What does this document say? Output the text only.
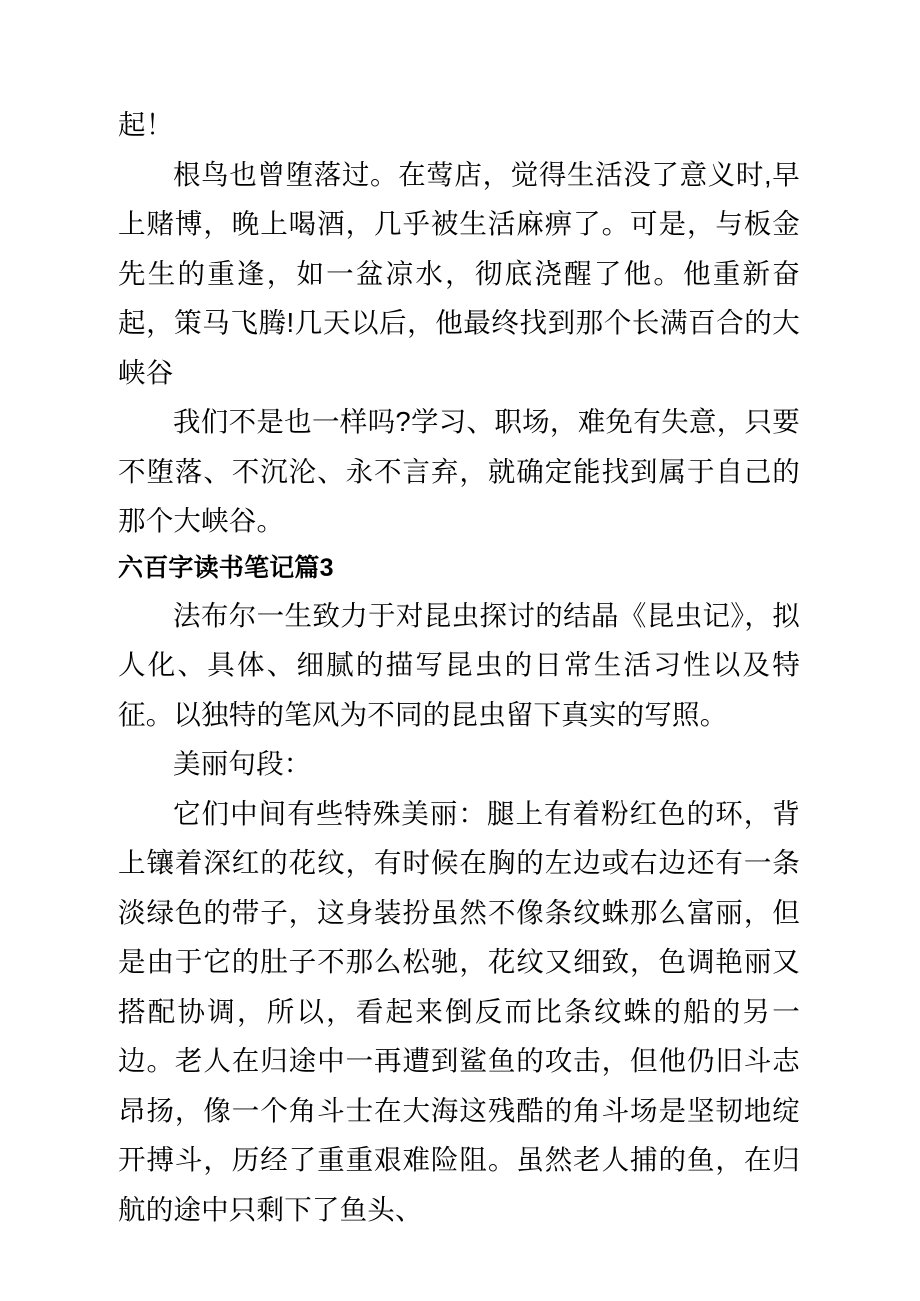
起！

根鸟也曾堕落过。在莺店，觉得生活没了意义时,早上赌博，晚上喝酒，几乎被生活麻痹了。可是，与板金先生的重逢，如一盆凉水，彻底浇醒了他。他重新奋起，策马飞腾!几天以后，他最终找到那个长满百合的大峡谷

我们不是也一样吗?学习、职场，难免有失意，只要不堕落、不沉沦、永不言弃，就确定能找到属于自己的那个大峡谷。

六百字读书笔记篇3

法布尔一生致力于对昆虫探讨的结晶《昆虫记》，拟人化、具体、细腻的描写昆虫的日常生活习性以及特征。以独特的笔风为不同的昆虫留下真实的写照。

美丽句段：

它们中间有些特殊美丽：腿上有着粉红色的环，背上镶着深红的花纹，有时候在胸的左边或右边还有一条淡绿色的带子，这身装扮虽然不像条纹蛛那么富丽，但是由于它的肚子不那么松驰，花纹又细致，色调艳丽又搭配协调，所以，看起来倒反而比条纹蛛的船的另一边。老人在归途中一再遭到鲨鱼的攻击，但他仍旧斗志昂扬，像一个角斗士在大海这残酷的角斗场是坚韧地绽开搏斗，历经了重重艰难险阻。虽然老人捕的鱼，在归航的途中只剩下了鱼头、
